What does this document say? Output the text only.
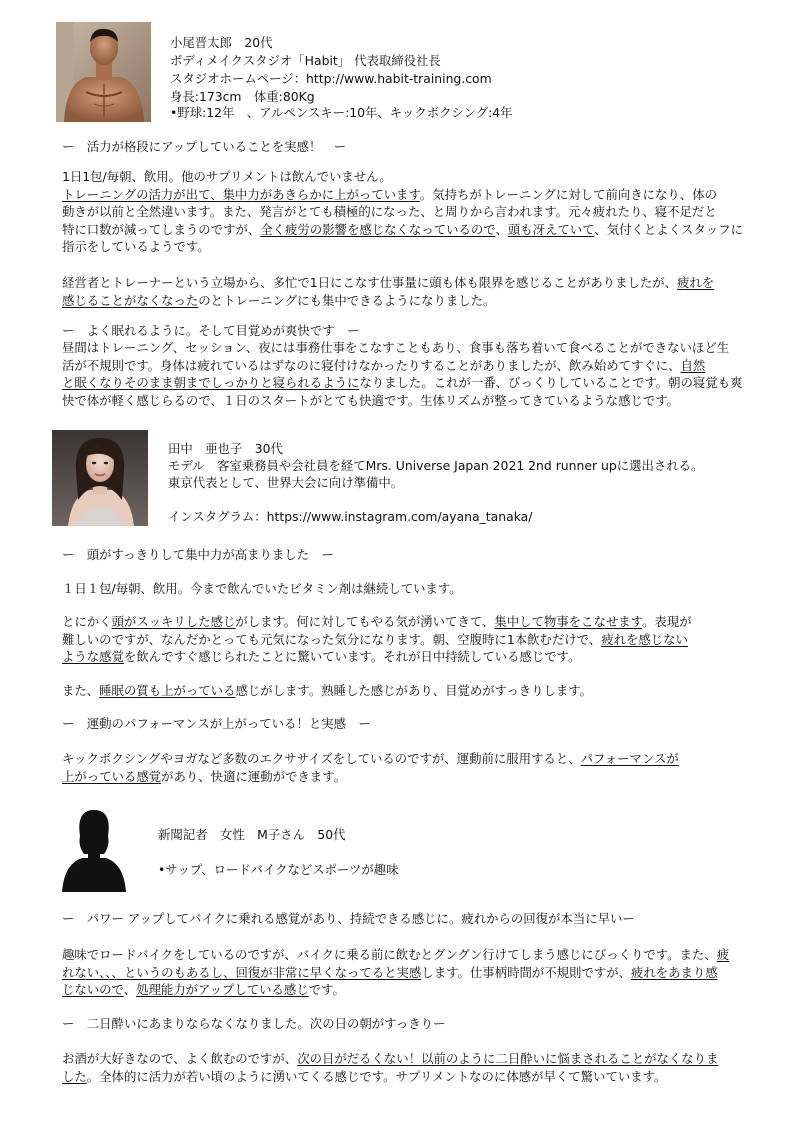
小尾晋太郎　20代
ボディメイクスタジオ「Habit」 代表取締役社長
スタジオホームページ：http://www.habit-training.com
身長:173cm　体重:80Kg
•野球:12年　、アルペンスキー:10年、キックボクシング:4年
ー　活力が格段にアップしていることを実感！　ー
1日1包/毎朝、飲用。他のサプリメントは飲んでいません。
トレーニングの活力が出て、集中力があきらかに上がっています。気持ちがトレーニングに対して前向きになり、体の
動きが以前と全然違います。また、発言がとても積極的になった、と周りから言われます。元々疲れたり、寝不足だと
特に口数が減ってしまうのですが、全く疲労の影響を感じなくなっているので、頭も冴えていて、気付くとよくスタッフに
指示をしているようです。
経営者とトレーナーという立場から、多忙で1日にこなす仕事量に頭も体も限界を感じることがありましたが、疲れを
感じることがなくなったのとトレーニングにも集中できるようになりました。
ー　よく眠れるように。そして目覚めが爽快です　ー
昼間はトレーニング、セッション、夜には事務仕事をこなすこともあり、食事も落ち着いて食べることができないほど生
活が不規則です。身体は疲れているはずなのに寝付けなかったりすることがありましたが、飲み始めてすぐに、自然
と眠くなりそのまま朝までしっかりと寝られるようになりました。これが一番、びっくりしていることです。朝の寝覚も爽
快で体が軽く感じらるので、１日のスタートがとても快適です。生体リズムが整ってきているような感じです。
田中　亜也子　30代
モデル　客室乗務員や会社員を経てMrs. Universe Japan 2021 2nd runner upに選出される。
東京代表として、世界大会に向け準備中。
インスタグラム：https://www.instagram.com/ayana_tanaka/
ー　頭がすっきりして集中力が高まりました　ー
１日１包/毎朝、飲用。今まで飲んでいたビタミン剤は継続しています。
とにかく頭がスッキリした感じがします。何に対してもやる気が湧いてきて、集中して物事をこなせます。表現が
難しいのですが、なんだかとっても元気になった気分になります。朝、空腹時に1本飲むだけで、疲れを感じない
ような感覚を飲んですぐ感じられたことに驚いています。それが日中持続している感じです。
また、睡眠の質も上がっている感じがします。熟睡した感じがあり、目覚めがすっきりします。
ー　運動のパフォーマンスが上がっている！と実感　ー
キックボクシングやヨガなど多数のエクササイズをしているのですが、運動前に服用すると、パフォーマンスが
上がっている感覚があり、快適に運動ができます。
新聞記者　女性　M子さん　50代
•サップ、ロードバイクなどスポーツが趣味
ー　パワー アップしてバイクに乗れる感覚があり、持続できる感じに。疲れからの回復が本当に早いー
趣味でロードバイクをしているのですが、バイクに乗る前に飲むとグングン行けてしまう感じにびっくりです。また、疲
れない、、、というのもあるし、回復が非常に早くなってると実感します。仕事柄時間が不規則ですが、疲れをあまり感
じないので、処理能力がアップしている感じです。
ー　二日酔いにあまりならなくなりました。次の日の朝がすっきりー
お酒が大好きなので、よく飲むのですが、次の日がだるくない！以前のように二日酔いに悩まされることがなくなりま
した。全体的に活力が若い頃のように湧いてくる感じです。サプリメントなのに体感が早くて驚いています。
